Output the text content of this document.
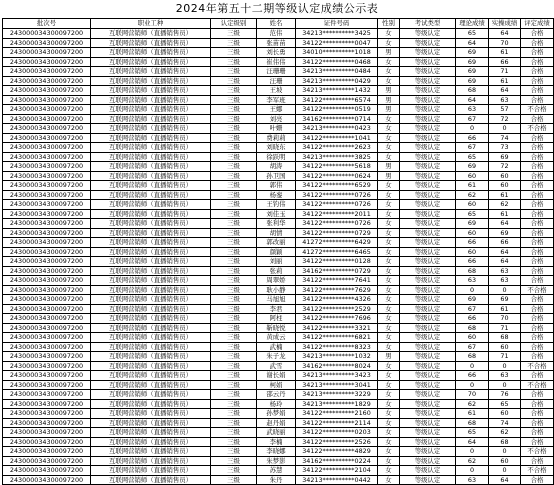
2024年第五十二期等级认定成绩公示表
批次号	职业工种	认定级别	姓名	证件号码	性别	考试类型	理论成绩	实操成绩	评定成绩
243000034300097200	互联网营销师（直播销售员）	三级	范伟	34213**********3425	女	等级认定	65	64	合格
243000034300097200	互联网营销师（直播销售员）	三级	张苗苗	34122**********0047	女	等级认定	64	70	合格
243000034300097200	互联网营销师（直播销售员）	三级	刘长勇	34010**********1018	男	等级认定	69	61	合格
243000034300097200	互联网营销师（直播销售员）	三级	崔伟伟	34122**********0468	女	等级认定	69	66	合格
243000034300097200	互联网营销师（直播销售员）	三级	汪珊珊	34213**********0484	女	等级认定	69	71	合格
243000034300097200	互联网营销师（直播销售员）	三级	汪珊	34213**********0429	女	等级认定	69	61	合格
243000034300097200	互联网营销师（直播销售员）	三级	王坡	34213**********1432	男	等级认定	68	64	合格
243000034300097200	互联网营销师（直播销售员）	三级	李军班	34122**********6574	男	等级认定	64	63	合格
243000034300097200	互联网营销师（直播销售员）	三级	王娜	34122**********0519	男	等级认定	63	57	不合格
243000034300097200	互联网营销师（直播销售员）	三级	刘亮	34162**********0714	女	等级认定	67	72	合格
243000034300097200	互联网营销师（直播销售员）	三级	叶姗	34213**********0423	女	等级认定	0	0	不合格
243000034300097200	互联网营销师（直播销售员）	三级	费莉莉	34122**********1041	女	等级认定	66	74	合格
243000034300097200	互联网营销师（直播销售员）	三级	刘晓东	34122**********2623	女	等级认定	67	73	合格
243000034300097200	互联网营销师（直播销售员）	三级	徐跃明	34213**********3825	女	等级认定	65	69	合格
243000034300097200	互联网营销师（直播销售员）	三级	胡涛	34122**********5618	男	等级认定	69	72	合格
243000034300097200	互联网营销师（直播销售员）	三级	孙卫国	34122**********0624	男	等级认定	60	60	合格
243000034300097200	互联网营销师（直播销售员）	三级	郭伟	34122**********6529	女	等级认定	61	60	合格
243000034300097200	互联网营销师（直播销售员）	三级	杨銮	34122**********0726	女	等级认定	62	61	合格
243000034300097200	互联网营销师（直播销售员）	三级	王钓伟	34122**********0726	女	等级认定	60	62	合格
243000034300097200	互联网营销师（直播销售员）	三级	刘佳玉	34122**********2011	女	等级认定	65	61	合格
243000034300097200	互联网营销师（直播销售员）	三级	张利华	34122**********0726	女	等级认定	69	64	合格
243000034300097200	互联网营销师（直播销售员）	三级	胡情	34122**********0729	女	等级认定	60	69	合格
243000034300097200	互联网营销师（直播销售员）	三级	郭改丽	41272**********6429	女	等级认定	66	66	合格
243000034300097200	互联网营销师（直播销售员）	三级	颜颖	41272**********6465	女	等级认定	60	64	合格
243000034300097200	互联网营销师（直播销售员）	三级	刘丽	34122**********0128	女	等级认定	66	64	合格
243000034300097200	互联网营销师（直播销售员）	三级	张莉	34162**********0729	女	等级认定	68	63	合格
243000034300097200	互联网营销师（直播销售员）	三级	周翠娇	34122**********7641	女	等级认定	63	63	合格
243000034300097200	互联网营销师（直播销售员）	三级	耿小静	34122**********7629	女	等级认定	0	0	不合格
243000034300097200	互联网营销师（直播销售员）	三级	马旭旭	34122**********4326	女	等级认定	69	69	合格
243000034300097200	互联网营销师（直播销售员）	三级	李君	34122**********2529	女	等级认定	67	61	合格
243000034300097200	互联网营销师（直播销售员）	三级	阿柱	34122**********7696	女	等级认定	66	70	合格
243000034300097200	互联网营销师（直播销售员）	三级	靳晓悦	34122**********3321	女	等级认定	68	71	合格
243000034300097200	互联网营销师（直播销售员）	三级	黄成云	34122**********6821	女	等级认定	60	68	合格
243000034300097200	互联网营销师（直播销售员）	三级	武楠	34122**********8323	女	等级认定	67	60	合格
243000034300097200	互联网营销师（直播销售员）	三级	朱子龙	34213**********1032	男	等级认定	68	71	合格
243000034300097200	互联网营销师（直播销售员）	三级	武雪	34162**********8024	女	等级认定	0	0	不合格
243000034300097200	互联网营销师（直播销售员）	三级	谢长娟	34213**********3423	女	等级认定	66	63	合格
243000034300097200	互联网营销师（直播销售员）	三级	柯娟	34213**********3041	女	等级认定	0	0	不合格
243000034300097200	互联网营销师（直播销售员）	三级	邵云丹	34213**********3229	女	等级认定	70	76	合格
243000034300097200	互联网营销师（直播销售员）	三级	杨玲	34213**********1829	女	等级认定	62	65	合格
243000034300097200	互联网营销师（直播销售员）	三级	孙梦娟	34122**********2160	女	等级认定	61	60	合格
243000034300097200	互联网营销师（直播销售员）	三级	赵丹娟	34122**********2114	女	等级认定	68	74	合格
243000034300097200	互联网营销师（直播销售员）	三级	武晓丽	34122**********0203	女	等级认定	65	62	合格
243000034300097200	互联网营销师（直播销售员）	三级	李楠	34122**********2526	女	等级认定	64	68	合格
243000034300097200	互联网营销师（直播销售员）	三级	李晓娜	34122**********4829	女	等级认定	0	0	不合格
243000034300097200	互联网营销师（直播销售员）	三级	朱梦影	34162**********0224	女	等级认定	62	60	合格
243000034300097200	互联网营销师（直播销售员）	三级	苏慧	34122**********2104	女	等级认定	0	0	不合格
243000034300097200	互联网营销师（直播销售员）	三级	朱丹	34213**********0442	女	等级认定	63	64	合格
